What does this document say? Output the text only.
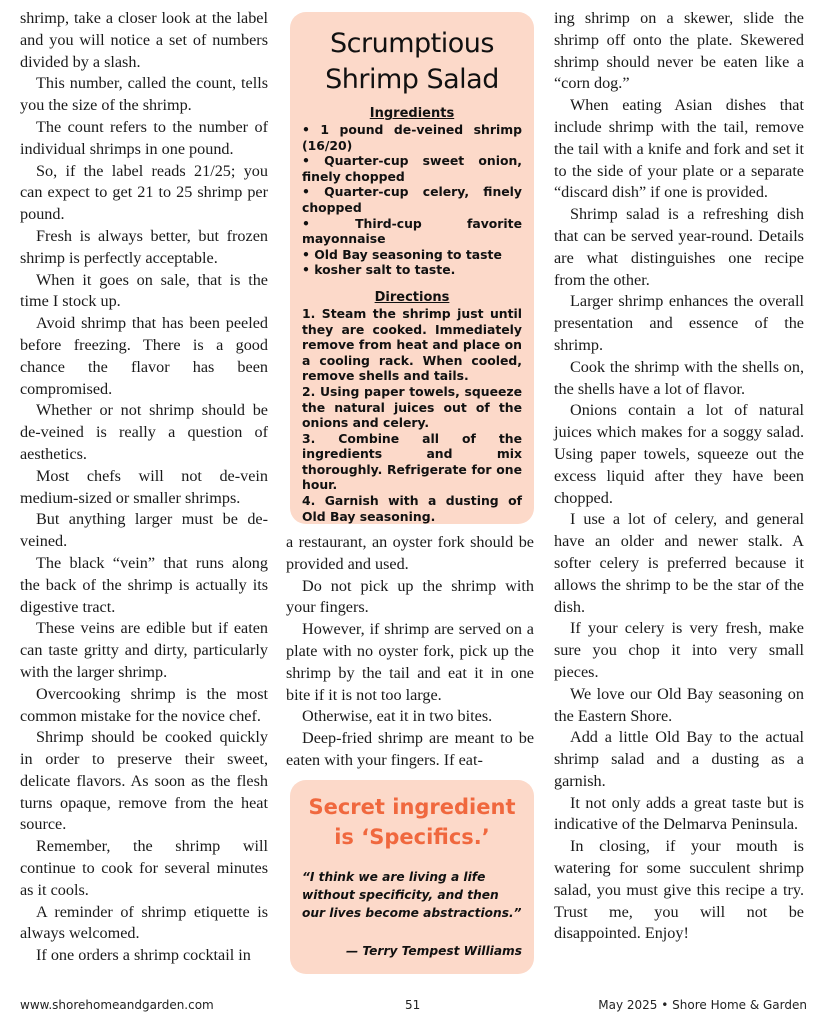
shrimp, take a closer look at the label and you will notice a set of numbers divided by a slash.

This number, called the count, tells you the size of the shrimp.

The count refers to the number of individual shrimps in one pound.

So, if the label reads 21/25; you can expect to get 21 to 25 shrimp per pound.

Fresh is always better, but frozen shrimp is perfectly acceptable.

When it goes on sale, that is the time I stock up.

Avoid shrimp that has been peeled before freezing. There is a good chance the flavor has been compromised.

Whether or not shrimp should be de-veined is really a question of aesthetics.

Most chefs will not de-vein medium-sized or smaller shrimps.

But anything larger must be de-veined.

The black “vein” that runs along the back of the shrimp is actually its digestive tract.

These veins are edible but if eaten can taste gritty and dirty, particularly with the larger shrimp.

Overcooking shrimp is the most common mistake for the novice chef.

Shrimp should be cooked quickly in order to preserve their sweet, delicate flavors. As soon as the flesh turns opaque, remove from the heat source.

Remember, the shrimp will continue to cook for several minutes as it cools.

A reminder of shrimp etiquette is always welcomed.

If one orders a shrimp cocktail in

Scrumptious
Shrimp Salad
Ingredients
• 1 pound de-veined shrimp (16/20)
• Quarter-cup sweet onion, finely chopped
• Quarter-cup celery, finely chopped
• Third-cup favorite mayonnaise
• Old Bay seasoning to taste
• kosher salt to taste.
Directions
1. Steam the shrimp just until they are cooked. Immediately remove from heat and place on a cooling rack. When cooled, remove shells and tails.
2. Using paper towels, squeeze the natural juices out of the onions and celery.
3. Combine all of the ingredients and mix thoroughly. Refrigerate for one hour.
4. Garnish with a dusting of Old Bay seasoning.

a restaurant, an oyster fork should be provided and used.

Do not pick up the shrimp with your fingers.

However, if shrimp are served on a plate with no oyster fork, pick up the shrimp by the tail and eat it in one bite if it is not too large.

Otherwise, eat it in two bites.

Deep-fried shrimp are meant to be eaten with your fingers. If eat-

Secret ingredient
is ‘Specifics.’
“I think we are living a life without specificity, and then our lives become abstractions.”
— Terry Tempest Williams

ing shrimp on a skewer, slide the shrimp off onto the plate. Skewered shrimp should never be eaten like a “corn dog.”

When eating Asian dishes that include shrimp with the tail, remove the tail with a knife and fork and set it to the side of your plate or a separate “discard dish” if one is provided.

Shrimp salad is a refreshing dish that can be served year-round. Details are what distinguishes one recipe from the other.

Larger shrimp enhances the overall presentation and essence of the shrimp.

Cook the shrimp with the shells on, the shells have a lot of flavor.

Onions contain a lot of natural juices which makes for a soggy salad. Using paper towels, squeeze out the excess liquid after they have been chopped.

I use a lot of celery, and general have an older and newer stalk. A softer celery is preferred because it allows the shrimp to be the star of the dish.

If your celery is very fresh, make sure you chop it into very small pieces.

We love our Old Bay seasoning on the Eastern Shore.

Add a little Old Bay to the actual shrimp salad and a dusting as a garnish.

It not only adds a great taste but is indicative of the Delmarva Peninsula.

In closing, if your mouth is watering for some succulent shrimp salad, you must give this recipe a try. Trust me, you will not be disappointed. Enjoy!

www.shorehomeandgarden.com	51	May 2025 • Shore Home & Garden
